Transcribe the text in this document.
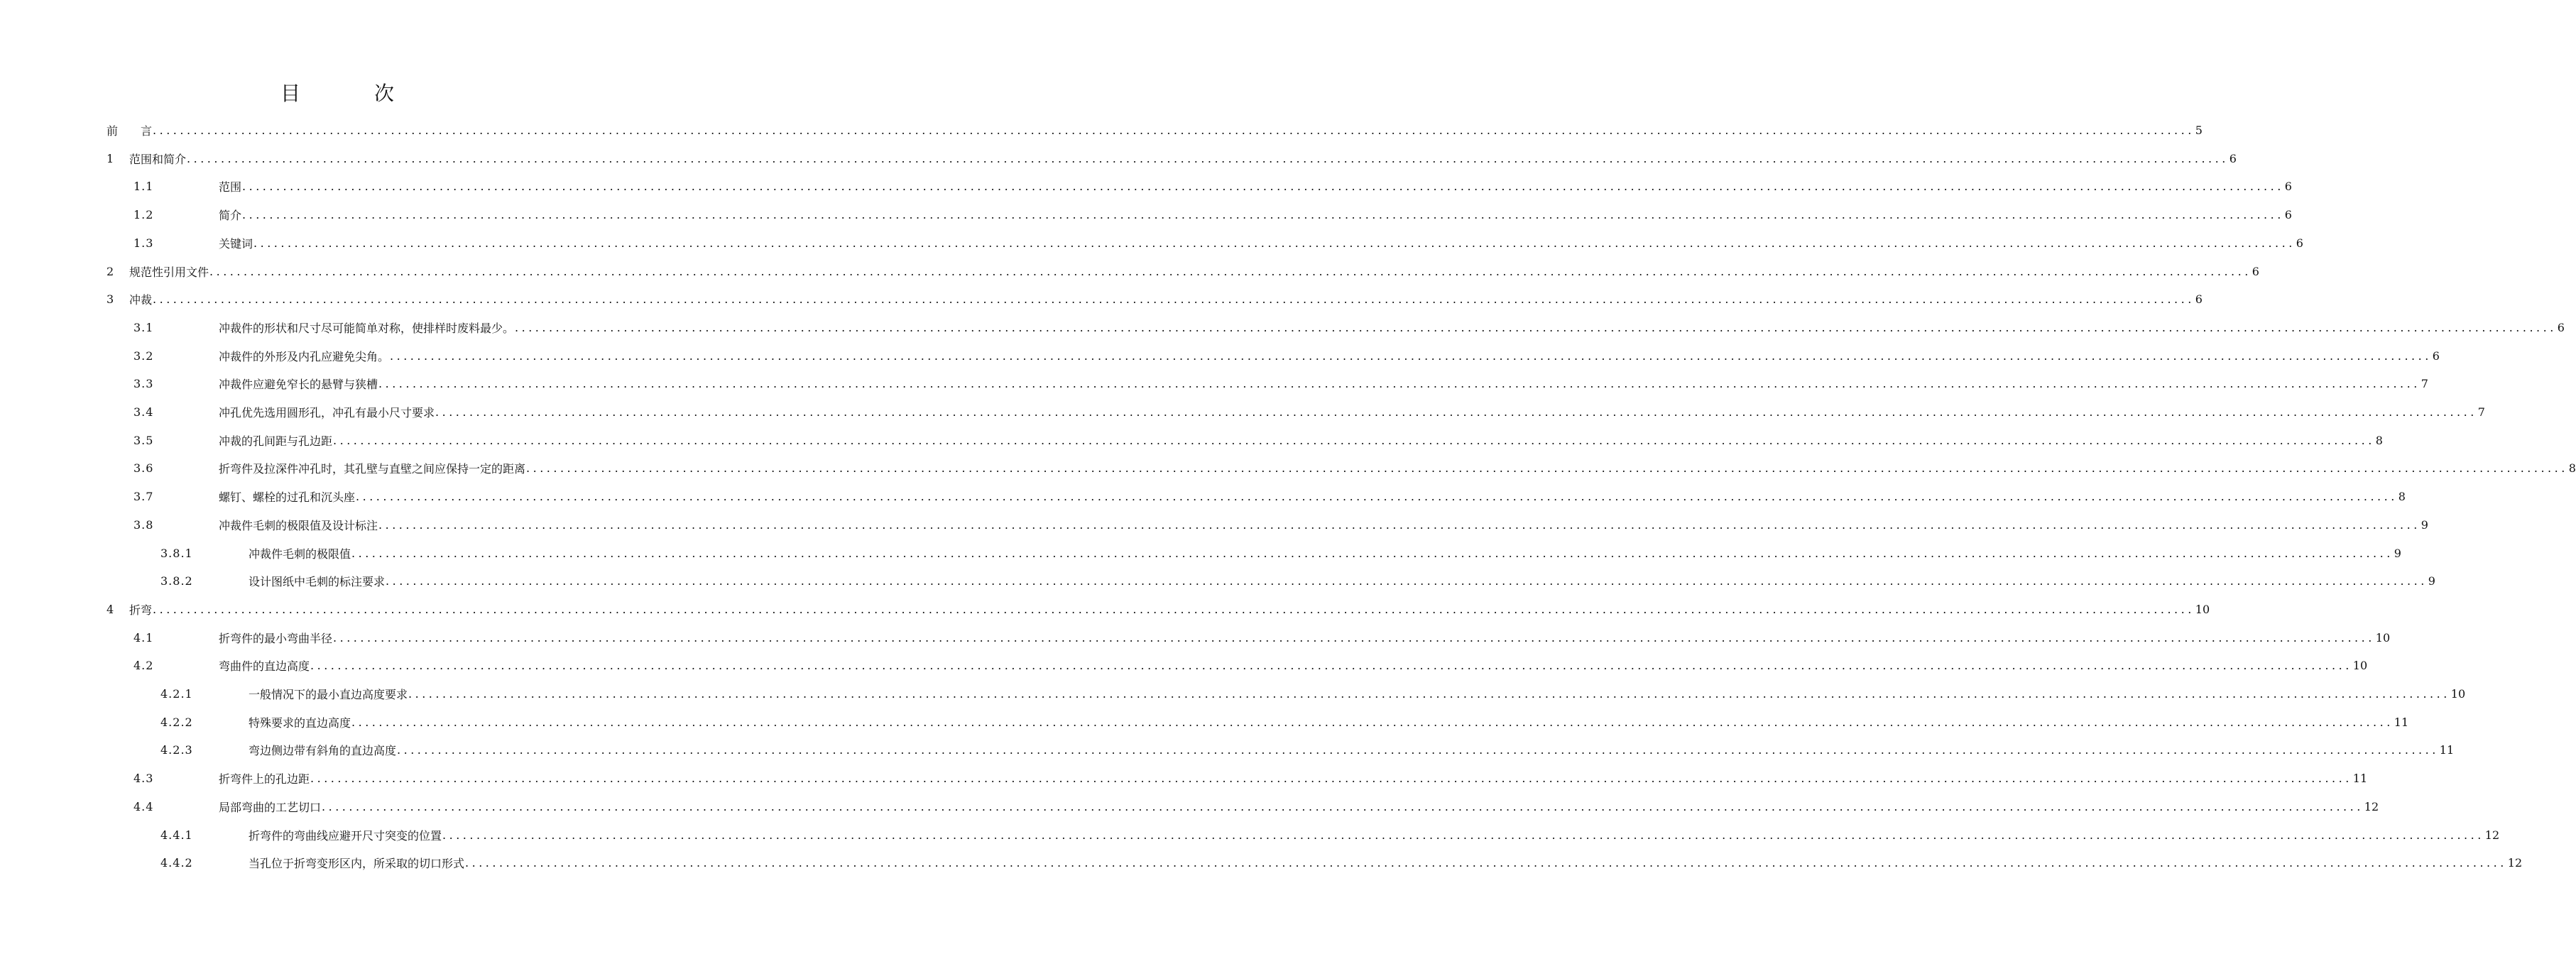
目	次
前　　言 ............................................................................................................................................................................................................................................................................................................ 5
1	范围和简介 ............................................................................................................................................................................................................................................................................................................ 6
1.1	范围 ............................................................................................................................................................................................................................................................................................................ 6
1.2	简介 ............................................................................................................................................................................................................................................................................................................ 6
1.3	关键词 ............................................................................................................................................................................................................................................................................................................ 6
2	规范性引用文件 ............................................................................................................................................................................................................................................................................................................ 6
3	冲裁 ............................................................................................................................................................................................................................................................................................................ 6
3.1	冲裁件的形状和尺寸尽可能简单对称，使排样时废料最少。 ............................................................................................................................................................................................................................................................................................................ 6
3.2	冲裁件的外形及内孔应避免尖角。 ............................................................................................................................................................................................................................................................................................................ 6
3.3	冲裁件应避免窄长的悬臂与狭槽 ............................................................................................................................................................................................................................................................................................................ 7
3.4	冲孔优先选用圆形孔，冲孔有最小尺寸要求 ............................................................................................................................................................................................................................................................................................................ 7
3.5	冲裁的孔间距与孔边距 ............................................................................................................................................................................................................................................................................................................ 8
3.6	折弯件及拉深件冲孔时，其孔壁与直壁之间应保持一定的距离 ............................................................................................................................................................................................................................................................................................................ 8
3.7	螺钉、螺栓的过孔和沉头座 ............................................................................................................................................................................................................................................................................................................ 8
3.8	冲裁件毛刺的极限值及设计标注 ............................................................................................................................................................................................................................................................................................................ 9
3.8.1	冲裁件毛刺的极限值 ............................................................................................................................................................................................................................................................................................................ 9
3.8.2	设计图纸中毛刺的标注要求 ............................................................................................................................................................................................................................................................................................................ 9
4	折弯 ............................................................................................................................................................................................................................................................................................................ 10
4.1	折弯件的最小弯曲半径 ............................................................................................................................................................................................................................................................................................................ 10
4.2	弯曲件的直边高度 ............................................................................................................................................................................................................................................................................................................ 10
4.2.1	一般情况下的最小直边高度要求 ............................................................................................................................................................................................................................................................................................................ 10
4.2.2	特殊要求的直边高度 ............................................................................................................................................................................................................................................................................................................ 11
4.2.3	弯边侧边带有斜角的直边高度 ............................................................................................................................................................................................................................................................................................................ 11
4.3	折弯件上的孔边距 ............................................................................................................................................................................................................................................................................................................ 11
4.4	局部弯曲的工艺切口 ............................................................................................................................................................................................................................................................................................................ 12
4.4.1	折弯件的弯曲线应避开尺寸突变的位置 ............................................................................................................................................................................................................................................................................................................ 12
4.4.2	当孔位于折弯变形区内，所采取的切口形式 ............................................................................................................................................................................................................................................................................................................ 12
